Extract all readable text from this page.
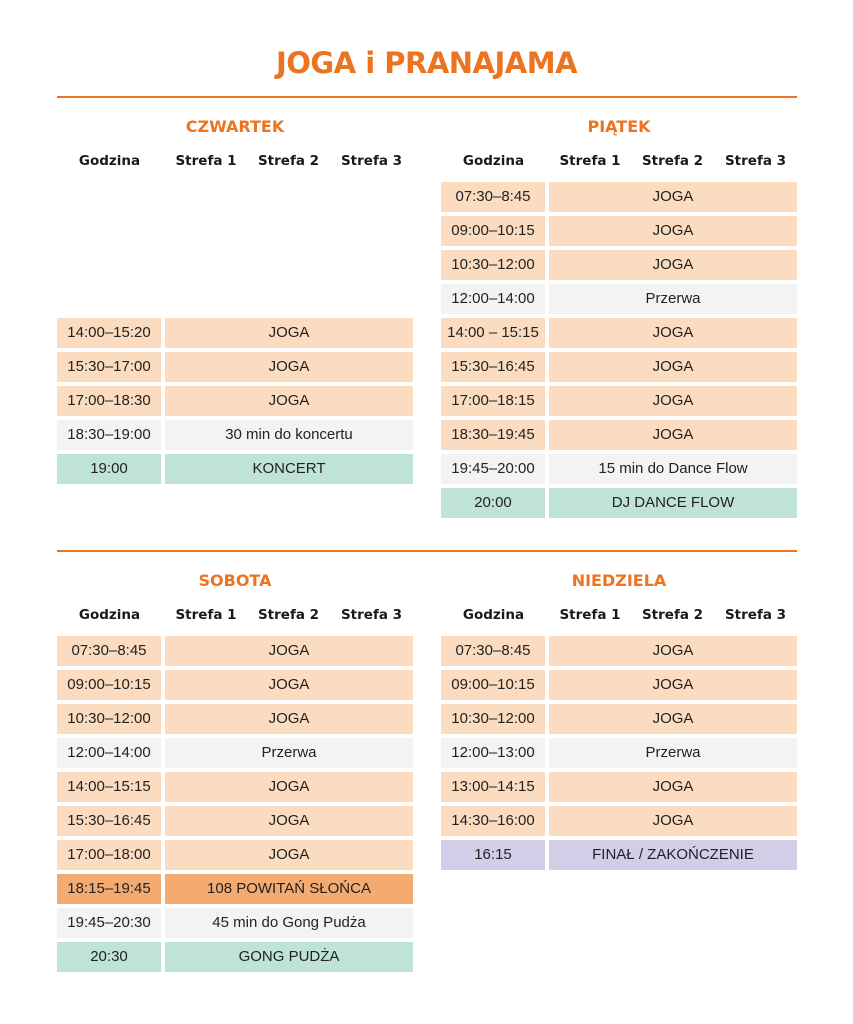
JOGA i PRANAJAMA
CZWARTEK
Godzina	Strefa 1	Strefa 2	Strefa 3
14:00–15:20	JOGA
15:30–17:00	JOGA
17:00–18:30	JOGA
18:30–19:00	30 min do koncertu
19:00	KONCERT
PIĄTEK
Godzina	Strefa 1	Strefa 2	Strefa 3
07:30–8:45	JOGA
09:00–10:15	JOGA
10:30–12:00	JOGA
12:00–14:00	Przerwa
14:00 – 15:15	JOGA
15:30–16:45	JOGA
17:00–18:15	JOGA
18:30–19:45	JOGA
19:45–20:00	15 min do Dance Flow
20:00	DJ DANCE FLOW
SOBOTA
Godzina	Strefa 1	Strefa 2	Strefa 3
07:30–8:45	JOGA
09:00–10:15	JOGA
10:30–12:00	JOGA
12:00–14:00	Przerwa
14:00–15:15	JOGA
15:30–16:45	JOGA
17:00–18:00	JOGA
18:15–19:45	108 POWITAŃ SŁOŃCA
19:45–20:30	45 min do Gong Pudża
20:30	GONG PUDŻA
NIEDZIELA
Godzina	Strefa 1	Strefa 2	Strefa 3
07:30–8:45	JOGA
09:00–10:15	JOGA
10:30–12:00	JOGA
12:00–13:00	Przerwa
13:00–14:15	JOGA
14:30–16:00	JOGA
16:15	FINAŁ / ZAKOŃCZENIE
